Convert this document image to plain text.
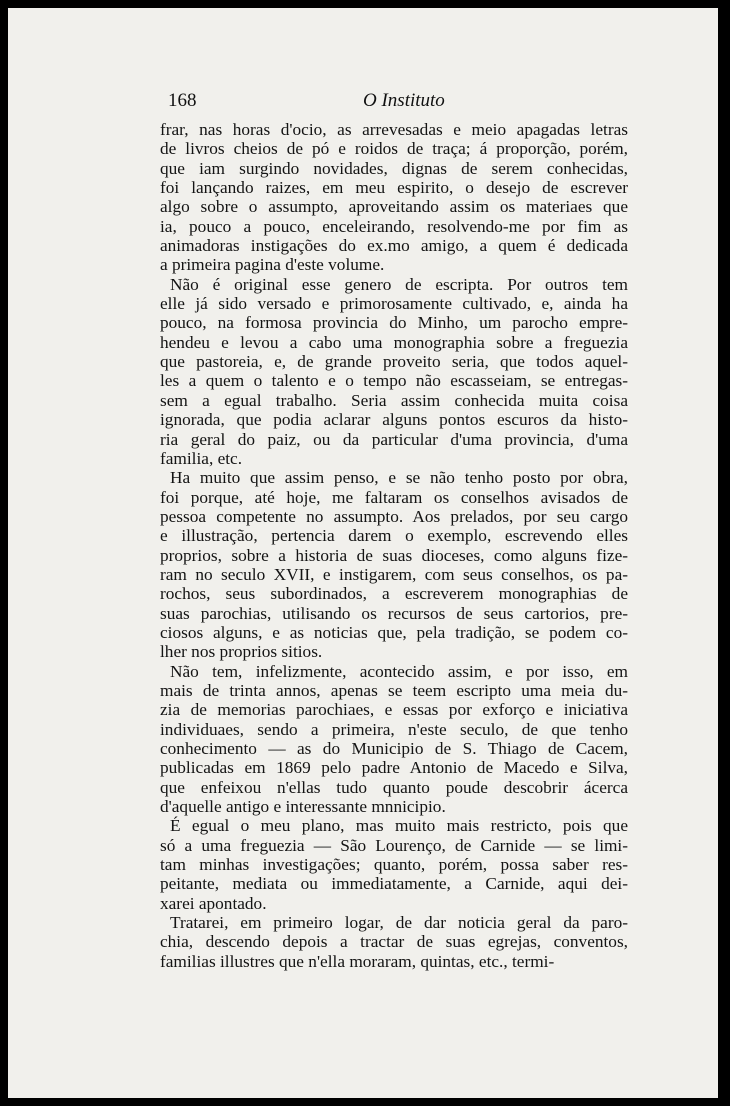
168	O Instituto
frar, nas horas d'ocio, as arrevesadas e meio apagadas letras
de livros cheios de pó e roidos de traça; á proporção, porém,
que iam surgindo novidades, dignas de serem conhecidas,
foi lançando raizes, em meu espirito, o desejo de escrever
algo sobre o assumpto, aproveitando assim os materiaes que
ia, pouco a pouco, enceleirando, resolvendo-me por fim as
animadoras instigações do ex.mo amigo, a quem é dedicada
a primeira pagina d'este volume.
Não é original esse genero de escripta. Por outros tem
elle já sido versado e primorosamente cultivado, e, ainda ha
pouco, na formosa provincia do Minho, um parocho empre-
hendeu e levou a cabo uma monographia sobre a freguezia
que pastoreia, e, de grande proveito seria, que todos aquel-
les a quem o talento e o tempo não escasseiam, se entregas-
sem a egual trabalho. Seria assim conhecida muita coisa
ignorada, que podia aclarar alguns pontos escuros da histo-
ria geral do paiz, ou da particular d'uma provincia, d'uma
familia, etc.
Ha muito que assim penso, e se não tenho posto por obra,
foi porque, até hoje, me faltaram os conselhos avisados de
pessoa competente no assumpto. Aos prelados, por seu cargo
e illustração, pertencia darem o exemplo, escrevendo elles
proprios, sobre a historia de suas dioceses, como alguns fize-
ram no seculo XVII, e instigarem, com seus conselhos, os pa-
rochos, seus subordinados, a escreverem monographias de
suas parochias, utilisando os recursos de seus cartorios, pre-
ciosos alguns, e as noticias que, pela tradição, se podem co-
lher nos proprios sitios.
Não tem, infelizmente, acontecido assim, e por isso, em
mais de trinta annos, apenas se teem escripto uma meia du-
zia de memorias parochiaes, e essas por exforço e iniciativa
individuaes, sendo a primeira, n'este seculo, de que tenho
conhecimento — as do Municipio de S. Thiago de Cacem,
publicadas em 1869 pelo padre Antonio de Macedo e Silva,
que enfeixou n'ellas tudo quanto poude descobrir ácerca
d'aquelle antigo e interessante mnnicipio.
É egual o meu plano, mas muito mais restricto, pois que
só a uma freguezia — São Lourenço, de Carnide — se limi-
tam minhas investigações; quanto, porém, possa saber res-
peitante, mediata ou immediatamente, a Carnide, aqui dei-
xarei apontado.
Tratarei, em primeiro logar, de dar noticia geral da paro-
chia, descendo depois a tractar de suas egrejas, conventos,
familias illustres que n'ella moraram, quintas, etc., termi-
